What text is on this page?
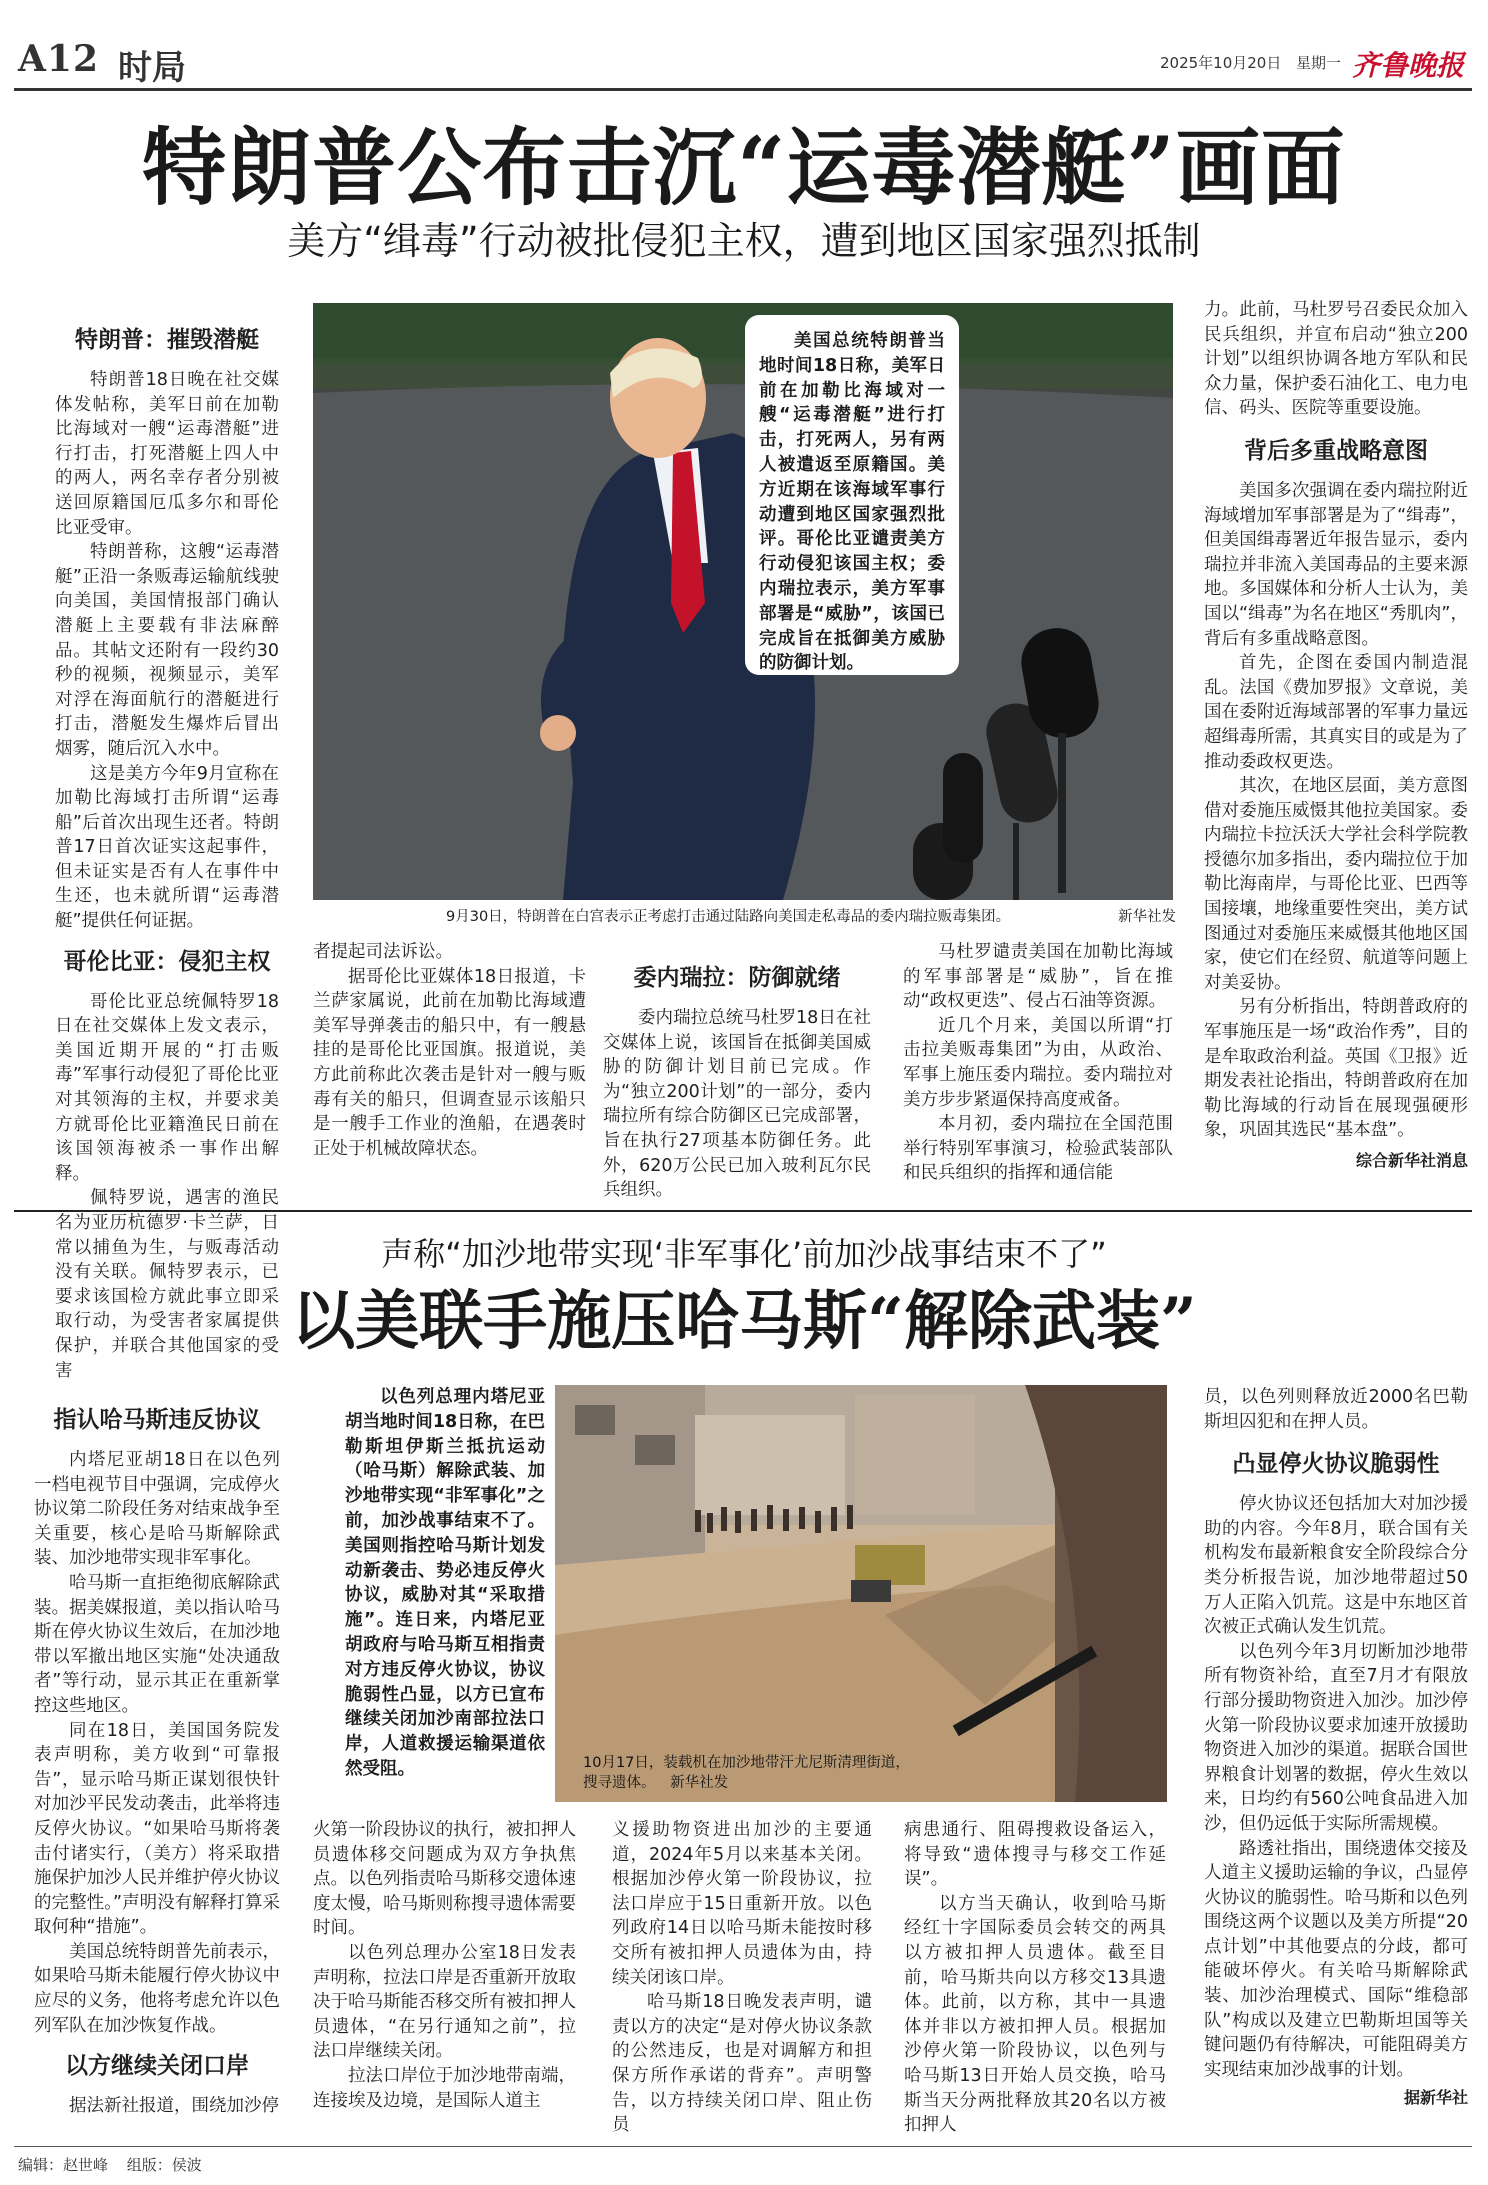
A12 时局	2025年10月20日 星期一 齐鲁晚报
特朗普公布击沉“运毒潜艇”画面
美方“缉毒”行动被批侵犯主权，遭到地区国家强烈抵制
特朗普：摧毁潜艇

特朗普18日晚在社交媒体发帖称，美军日前在加勒比海域对一艘“运毒潜艇”进行打击，打死潜艇上四人中的两人，两名幸存者分别被送回原籍国厄瓜多尔和哥伦比亚受审。

特朗普称，这艘“运毒潜艇”正沿一条贩毒运输航线驶向美国，美国情报部门确认潜艇上主要载有非法麻醉品。其帖文还附有一段约30秒的视频，视频显示，美军对浮在海面航行的潜艇进行打击，潜艇发生爆炸后冒出烟雾，随后沉入水中。

这是美方今年9月宣称在加勒比海域打击所谓“运毒船”后首次出现生还者。特朗普17日首次证实这起事件，但未证实是否有人在事件中生还，也未就所谓“运毒潜艇”提供任何证据。

哥伦比亚：侵犯主权

哥伦比亚总统佩特罗18日在社交媒体上发文表示，美国近期开展的“打击贩毒”军事行动侵犯了哥伦比亚对其领海的主权，并要求美方就哥伦比亚籍渔民日前在该国领海被杀一事作出解释。

佩特罗说，遇害的渔民名为亚历杭德罗·卡兰萨，日常以捕鱼为生，与贩毒活动没有关联。佩特罗表示，已要求该国检方就此事立即采取行动，为受害者家属提供保护，并联合其他国家的受害

美国总统特朗普当地时间18日称，美军日前在加勒比海域对一艘“运毒潜艇”进行打击，打死两人，另有两人被遣返至原籍国。美方近期在该海域军事行动遭到地区国家强烈批评。哥伦比亚谴责美方行动侵犯该国主权；委内瑞拉表示，美方军事部署是“威胁”，该国已完成旨在抵御美方威胁的防御计划。
9月30日，特朗普在白宫表示正考虑打击通过陆路向美国走私毒品的委内瑞拉贩毒集团。	新华社发

者提起司法诉讼。

据哥伦比亚媒体18日报道，卡兰萨家属说，此前在加勒比海域遭美军导弹袭击的船只中，有一艘悬挂的是哥伦比亚国旗。报道说，美方此前称此次袭击是针对一艘与贩毒有关的船只，但调查显示该船只是一艘手工作业的渔船，在遇袭时正处于机械故障状态。

委内瑞拉：防御就绪

委内瑞拉总统马杜罗18日在社交媒体上说，该国旨在抵御美国威胁的防御计划目前已完成。作为“独立200计划”的一部分，委内瑞拉所有综合防御区已完成部署，旨在执行27项基本防御任务。此外，620万公民已加入玻利瓦尔民兵组织。

马杜罗谴责美国在加勒比海域的军事部署是“威胁”，旨在推动“政权更迭”、侵占石油等资源。

近几个月来，美国以所谓“打击拉美贩毒集团”为由，从政治、军事上施压委内瑞拉。委内瑞拉对美方步步紧逼保持高度戒备。

本月初，委内瑞拉在全国范围举行特别军事演习，检验武装部队和民兵组织的指挥和通信能

力。此前，马杜罗号召委民众加入民兵组织，并宣布启动“独立200计划”以组织协调各地方军队和民众力量，保护委石油化工、电力电信、码头、医院等重要设施。

背后多重战略意图

美国多次强调在委内瑞拉附近海域增加军事部署是为了“缉毒”，但美国缉毒署近年报告显示，委内瑞拉并非流入美国毒品的主要来源地。多国媒体和分析人士认为，美国以“缉毒”为名在地区“秀肌肉”，背后有多重战略意图。

首先，企图在委国内制造混乱。法国《费加罗报》文章说，美国在委附近海域部署的军事力量远超缉毒所需，其真实目的或是为了推动委政权更迭。

其次，在地区层面，美方意图借对委施压威慑其他拉美国家。委内瑞拉卡拉沃沃大学社会科学院教授德尔加多指出，委内瑞拉位于加勒比海南岸，与哥伦比亚、巴西等国接壤，地缘重要性突出，美方试图通过对委施压来威慑其他地区国家，使它们在经贸、航道等问题上对美妥协。

另有分析指出，特朗普政府的军事施压是一场“政治作秀”，目的是牟取政治利益。英国《卫报》近期发表社论指出，特朗普政府在加勒比海域的行动旨在展现强硬形象，巩固其选民“基本盘”。

综合新华社消息
声称“加沙地带实现‘非军事化’前加沙战事结束不了”
以美联手施压哈马斯“解除武装”
指认哈马斯违反协议

内塔尼亚胡18日在以色列一档电视节目中强调，完成停火协议第二阶段任务对结束战争至关重要，核心是哈马斯解除武装、加沙地带实现非军事化。

哈马斯一直拒绝彻底解除武装。据美媒报道，美以指认哈马斯在停火协议生效后，在加沙地带以军撤出地区实施“处决通敌者”等行动，显示其正在重新掌控这些地区。

同在18日，美国国务院发表声明称，美方收到“可靠报告”，显示哈马斯正谋划很快针对加沙平民发动袭击，此举将违反停火协议。“如果哈马斯将袭击付诸实行，（美方）将采取措施保护加沙人民并维护停火协议的完整性。”声明没有解释打算采取何种“措施”。

美国总统特朗普先前表示，如果哈马斯未能履行停火协议中应尽的义务，他将考虑允许以色列军队在加沙恢复作战。

以方继续关闭口岸

据法新社报道，围绕加沙停

以色列总理内塔尼亚胡当地时间18日称，在巴勒斯坦伊斯兰抵抗运动（哈马斯）解除武装、加沙地带实现“非军事化”之前，加沙战事结束不了。美国则指控哈马斯计划发动新袭击、势必违反停火协议，威胁对其“采取措施”。连日来，内塔尼亚胡政府与哈马斯互相指责对方违反停火协议，协议脆弱性凸显，以方已宣布继续关闭加沙南部拉法口岸，人道救援运输渠道依然受阻。	10月17日，装载机在加沙地带汗尤尼斯清理街道，搜寻遗体。 新华社发

火第一阶段协议的执行，被扣押人员遗体移交问题成为双方争执焦点。以色列指责哈马斯移交遗体速度太慢，哈马斯则称搜寻遗体需要时间。

以色列总理办公室18日发表声明称，拉法口岸是否重新开放取决于哈马斯能否移交所有被扣押人员遗体，“在另行通知之前”，拉法口岸继续关闭。

拉法口岸位于加沙地带南端，连接埃及边境，是国际人道主

义援助物资进出加沙的主要通道，2024年5月以来基本关闭。根据加沙停火第一阶段协议，拉法口岸应于15日重新开放。以色列政府14日以哈马斯未能按时移交所有被扣押人员遗体为由，持续关闭该口岸。

哈马斯18日晚发表声明，谴责以方的决定“是对停火协议条款的公然违反，也是对调解方和担保方所作承诺的背弃”。声明警告，以方持续关闭口岸、阻止伤员

病患通行、阻碍搜救设备运入，将导致“遗体搜寻与移交工作延误”。

以方当天确认，收到哈马斯经红十字国际委员会转交的两具以方被扣押人员遗体。截至目前，哈马斯共向以方移交13具遗体。此前，以方称，其中一具遗体并非以方被扣押人员。根据加沙停火第一阶段协议，以色列与哈马斯13日开始人员交换，哈马斯当天分两批释放其20名以方被扣押人

员，以色列则释放近2000名巴勒斯坦囚犯和在押人员。

凸显停火协议脆弱性

停火协议还包括加大对加沙援助的内容。今年8月，联合国有关机构发布最新粮食安全阶段综合分类分析报告说，加沙地带超过50万人正陷入饥荒。这是中东地区首次被正式确认发生饥荒。

以色列今年3月切断加沙地带所有物资补给，直至7月才有限放行部分援助物资进入加沙。加沙停火第一阶段协议要求加速开放援助物资进入加沙的渠道。据联合国世界粮食计划署的数据，停火生效以来，日均约有560公吨食品进入加沙，但仍远低于实际所需规模。

路透社指出，围绕遗体交接及人道主义援助运输的争议，凸显停火协议的脆弱性。哈马斯和以色列围绕这两个议题以及美方所提“20点计划”中其他要点的分歧，都可能破坏停火。有关哈马斯解除武装、加沙治理模式、国际“维稳部队”构成以及建立巴勒斯坦国等关键问题仍有待解决，可能阻碍美方实现结束加沙战事的计划。

据新华社
编辑：赵世峰 组版：侯波
